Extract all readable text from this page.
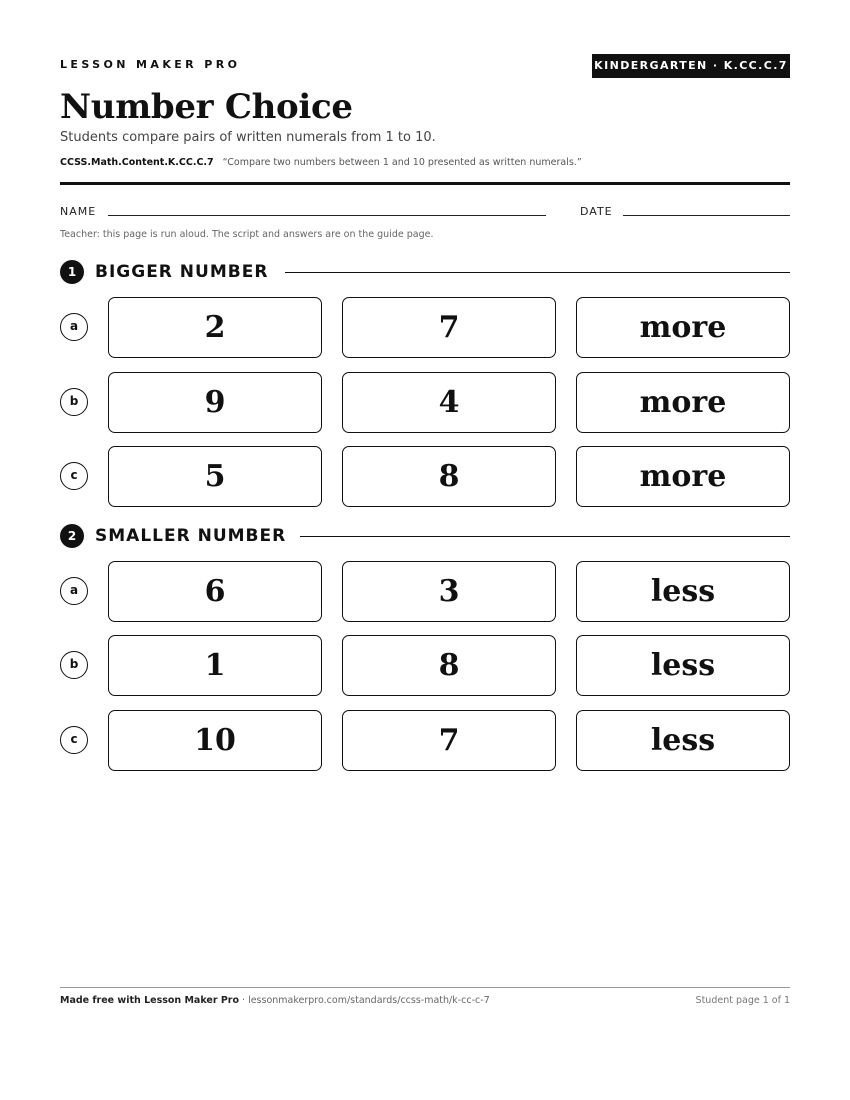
LESSON MAKER PRO	KINDERGARTEN · K.CC.C.7
Number Choice
Students compare pairs of written numerals from 1 to 10.
CCSS.Math.Content.K.CC.C.7 “Compare two numbers between 1 and 10 presented as written numerals.”
NAME	DATE
Teacher: this page is run aloud. The script and answers are on the guide page.
1	BIGGER NUMBER
a	2	7	more
b	9	4	more
c	5	8	more
2	SMALLER NUMBER
a	6	3	less
b	1	8	less
c	10	7	less
Made free with Lesson Maker Pro · lessonmakerpro.com/standards/ccss-math/k-cc-c-7	Student page 1 of 1
